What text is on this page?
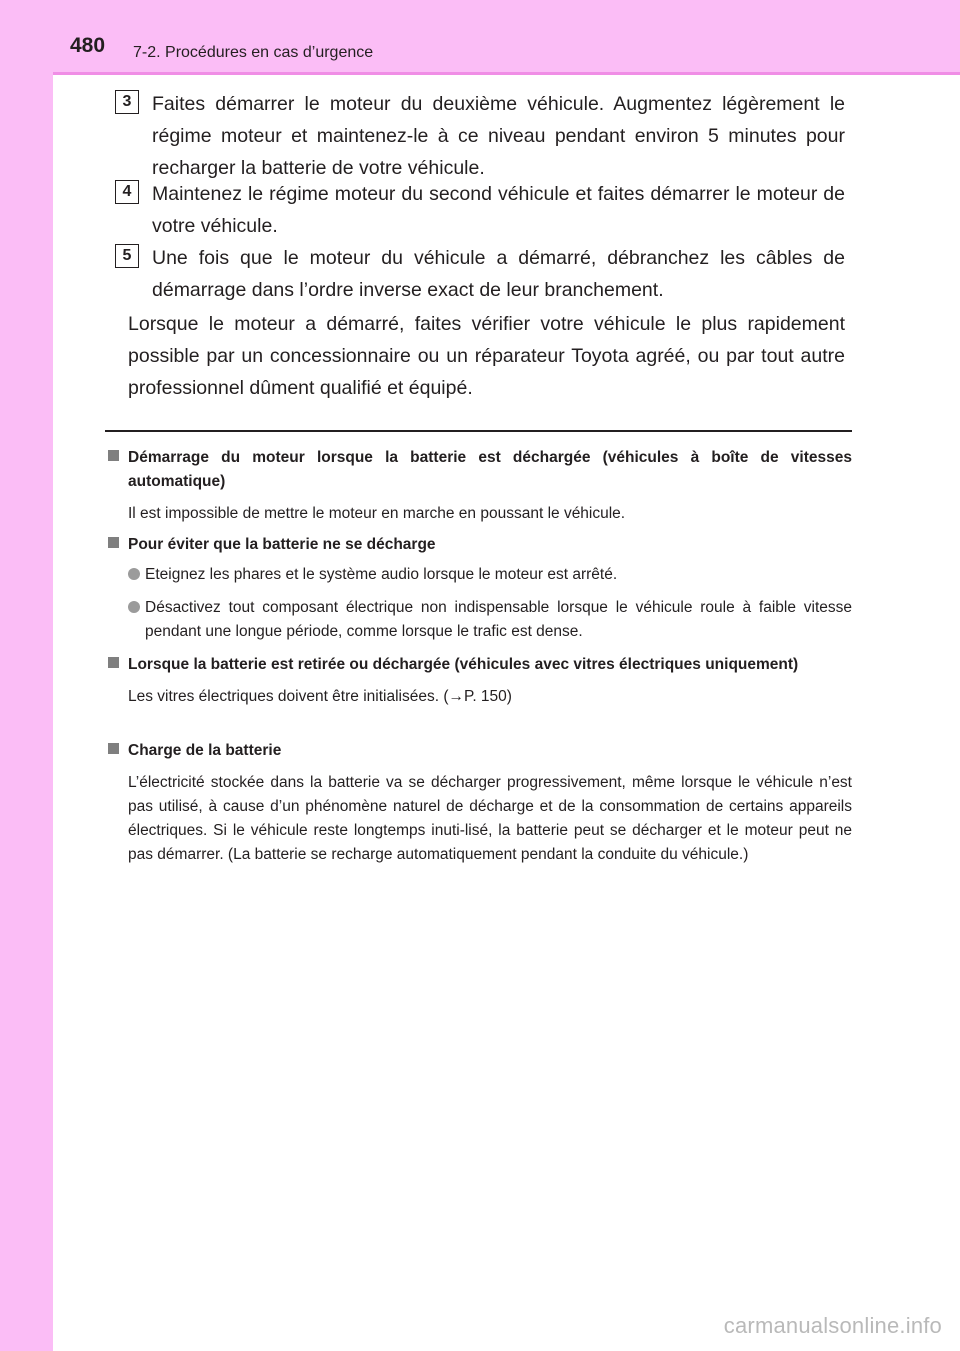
480 7-2. Procédures en cas d’urgence
3	Faites démarrer le moteur du deuxième véhicule. Augmentez légèrement le régime moteur et maintenez-le à ce niveau pendant environ 5 minutes pour recharger la batterie de votre véhicule.
4	Maintenez le régime moteur du second véhicule et faites démarrer le moteur de votre véhicule.
5	Une fois que le moteur du véhicule a démarré, débranchez les câbles de démarrage dans l’ordre inverse exact de leur branchement.
Lorsque le moteur a démarré, faites vérifier votre véhicule le plus rapidement possible par un concessionnaire ou un réparateur Toyota agréé, ou par tout autre professionnel dûment qualifié et équipé.
Démarrage du moteur lorsque la batterie est déchargée (véhicules à boîte de vitesses automatique)
Il est impossible de mettre le moteur en marche en poussant le véhicule.
Pour éviter que la batterie ne se décharge
Eteignez les phares et le système audio lorsque le moteur est arrêté.
Désactivez tout composant électrique non indispensable lorsque le véhicule roule à faible vitesse pendant une longue période, comme lorsque le trafic est dense.
Lorsque la batterie est retirée ou déchargée (véhicules avec vitres électriques uniquement)
Les vitres électriques doivent être initialisées. (→P. 150)
Charge de la batterie
L’électricité stockée dans la batterie va se décharger progressivement, même lorsque le véhicule n’est pas utilisé, à cause d’un phénomène naturel de décharge et de la consommation de certains appareils électriques. Si le véhicule reste longtemps inuti-lisé, la batterie peut se décharger et le moteur peut ne pas démarrer. (La batterie se recharge automatiquement pendant la conduite du véhicule.)
carmanualsonline.info
